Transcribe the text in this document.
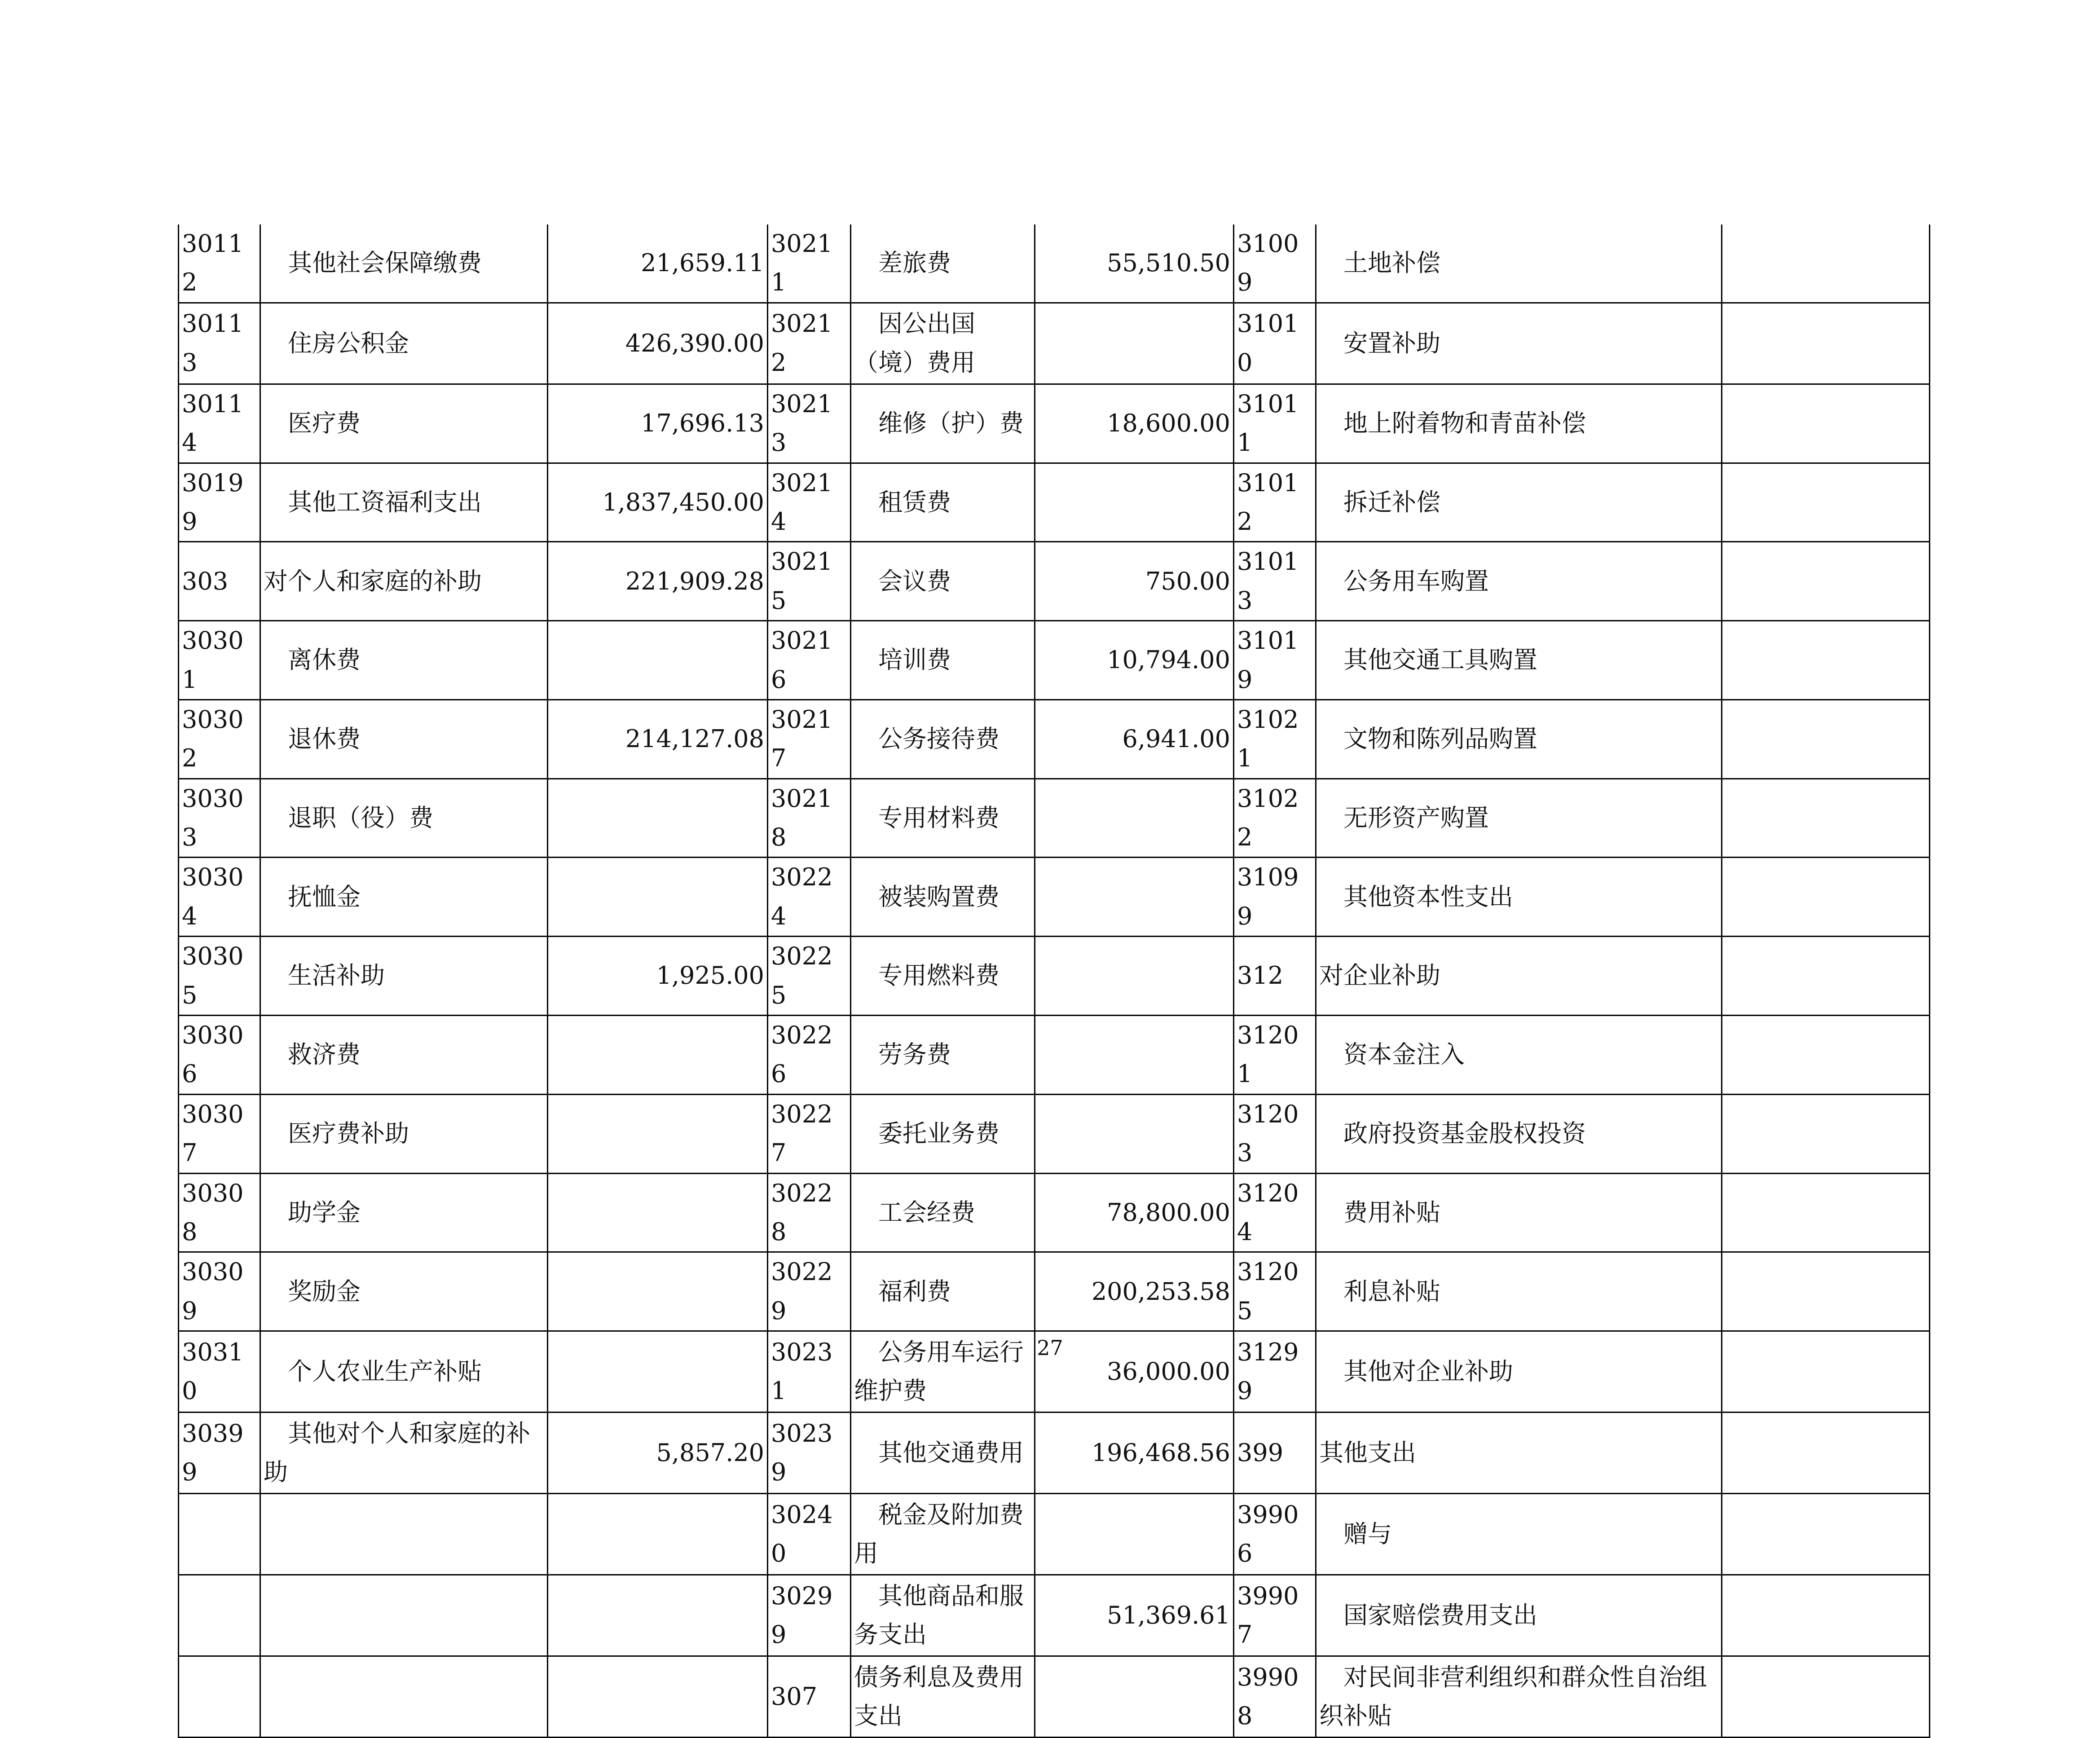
30112	其他社会保障缴费	21,659.11	30211	差旅费	55,510.50	31009	土地补偿	
30113	住房公积金	426,390.00	30212	因公出国（境）费用		31010	安置补助	
30114	医疗费	17,696.13	30213	维修（护）费	18,600.00	31011	地上附着物和青苗补偿	
30199	其他工资福利支出	1,837,450.00	30214	租赁费		31012	拆迁补偿	
303	对个人和家庭的补助	221,909.28	30215	会议费	750.00	31013	公务用车购置	
30301	离休费		30216	培训费	10,794.00	31019	其他交通工具购置	
30302	退休费	214,127.08	30217	公务接待费	6,941.00	31021	文物和陈列品购置	
30303	退职（役）费		30218	专用材料费		31022	无形资产购置	
30304	抚恤金		30224	被装购置费		31099	其他资本性支出	
30305	生活补助	1,925.00	30225	专用燃料费		312	对企业补助	
30306	救济费		30226	劳务费		31201	资本金注入	
30307	医疗费补助		30227	委托业务费		31203	政府投资基金股权投资	
30308	助学金		30228	工会经费	78,800.00	31204	费用补贴	
30309	奖励金		30229	福利费	200,253.58	31205	利息补贴	
30310	个人农业生产补贴		30231	公务用车运行维护费	36,000.00	31299	其他对企业补助	
30399	其他对个人和家庭的补助	5,857.20	30239	其他交通费用	196,468.56	399	其他支出	
			30240	税金及附加费用		39906	赠与	
			30299	其他商品和服务支出	51,369.61	39907	国家赔偿费用支出	
			307	债务利息及费用支出		39908	对民间非营利组织和群众性自治组织补贴	
27
